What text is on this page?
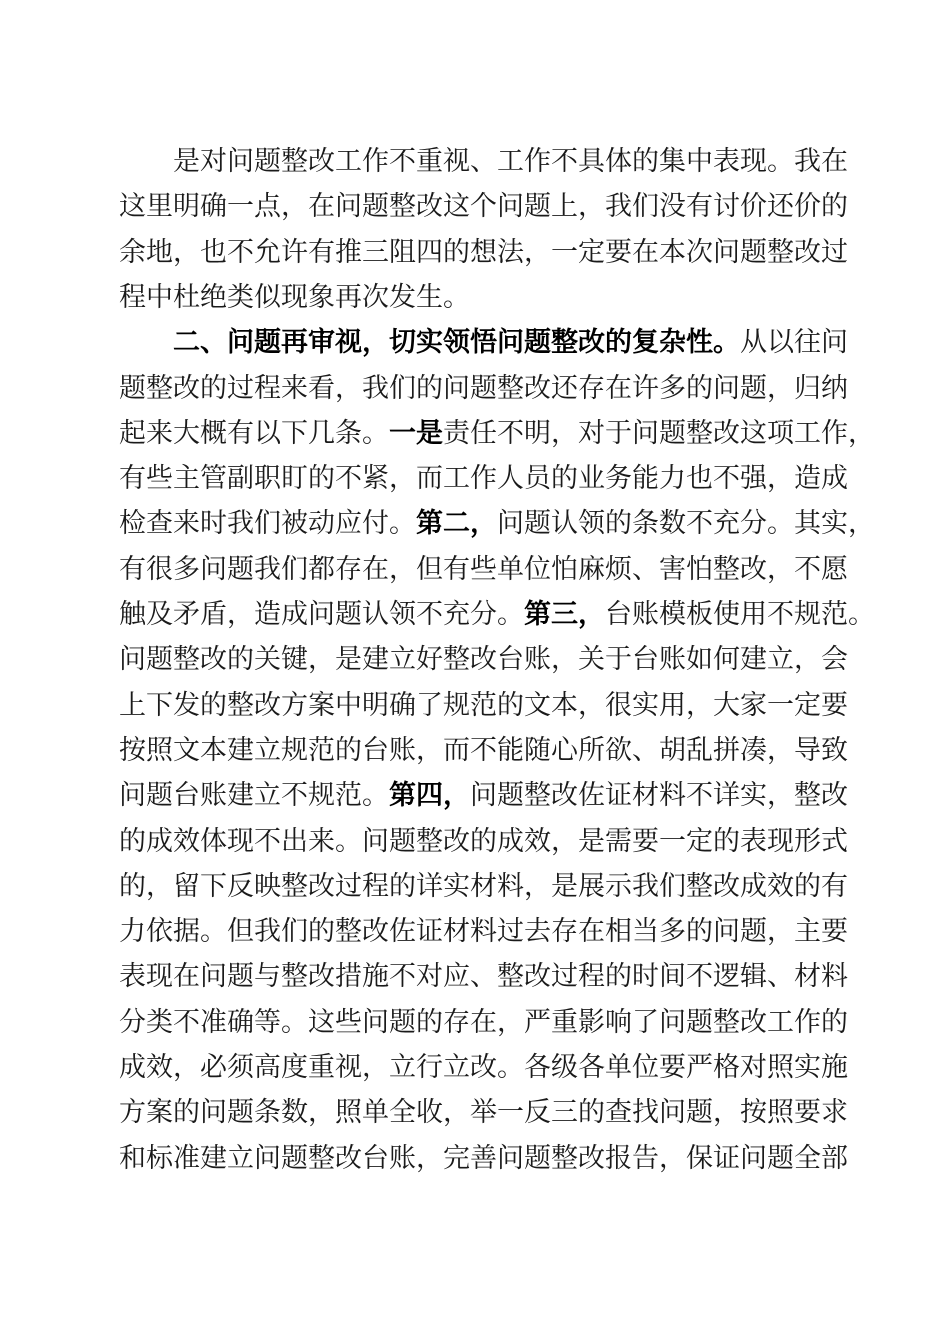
　　是对问题整改工作不重视、工作不具体的集中表现。我在
这里明确一点，在问题整改这个问题上，我们没有讨价还价的
余地，也不允许有推三阻四的想法，一定要在本次问题整改过
程中杜绝类似现象再次发生。
　　二、问题再审视，切实领悟问题整改的复杂性。从以往问
题整改的过程来看，我们的问题整改还存在许多的问题，归纳
起来大概有以下几条。一是责任不明，对于问题整改这项工作，
有些主管副职盯的不紧，而工作人员的业务能力也不强，造成
检查来时我们被动应付。第二，问题认领的条数不充分。其实，
有很多问题我们都存在，但有些单位怕麻烦、害怕整改，不愿
触及矛盾，造成问题认领不充分。第三，台账模板使用不规范。
问题整改的关键，是建立好整改台账，关于台账如何建立，会
上下发的整改方案中明确了规范的文本，很实用，大家一定要
按照文本建立规范的台账，而不能随心所欲、胡乱拼凑，导致
问题台账建立不规范。第四，问题整改佐证材料不详实，整改
的成效体现不出来。问题整改的成效，是需要一定的表现形式
的，留下反映整改过程的详实材料，是展示我们整改成效的有
力依据。但我们的整改佐证材料过去存在相当多的问题，主要
表现在问题与整改措施不对应、整改过程的时间不逻辑、材料
分类不准确等。这些问题的存在，严重影响了问题整改工作的
成效，必须高度重视，立行立改。各级各单位要严格对照实施
方案的问题条数，照单全收，举一反三的查找问题，按照要求
和标准建立问题整改台账，完善问题整改报告，保证问题全部
